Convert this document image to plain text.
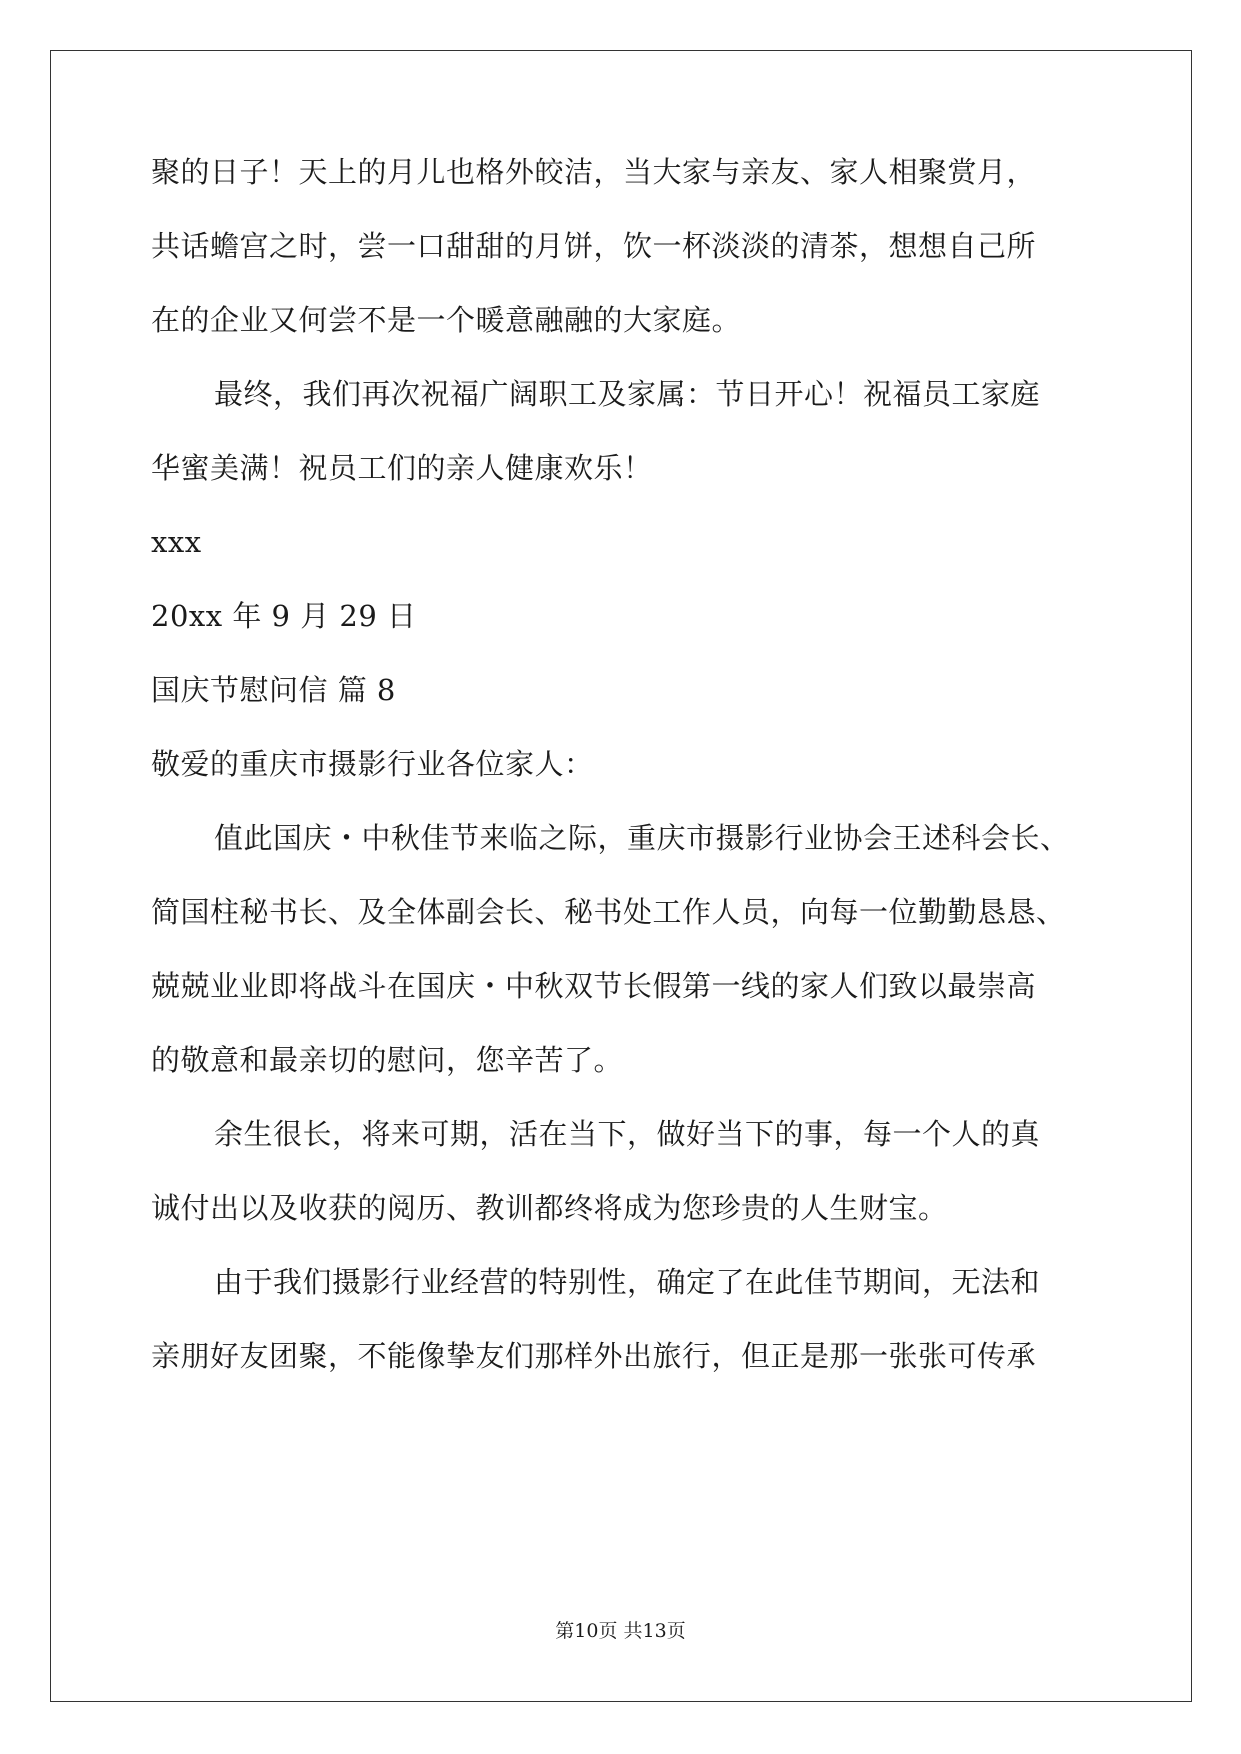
聚的日子！天上的月儿也格外皎洁，当大家与亲友、家人相聚赏月，
共话蟾宫之时，尝一口甜甜的月饼，饮一杯淡淡的清茶，想想自己所
在的企业又何尝不是一个暖意融融的大家庭。
最终，我们再次祝福广阔职工及家属：节日开心！祝福员工家庭
华蜜美满！祝员工们的亲人健康欢乐！
xxx
20xx 年 9 月 29 日
国庆节慰问信 篇 8
敬爱的重庆市摄影行业各位家人：
值此国庆・中秋佳节来临之际，重庆市摄影行业协会王述科会长、
简国柱秘书长、及全体副会长、秘书处工作人员，向每一位勤勤恳恳、
兢兢业业即将战斗在国庆・中秋双节长假第一线的家人们致以最崇高
的敬意和最亲切的慰问，您辛苦了。
余生很长，将来可期，活在当下，做好当下的事，每一个人的真
诚付出以及收获的阅历、教训都终将成为您珍贵的人生财宝。
由于我们摄影行业经营的特别性，确定了在此佳节期间，无法和
亲朋好友团聚，不能像挚友们那样外出旅行，但正是那一张张可传承
第10页 共13页
